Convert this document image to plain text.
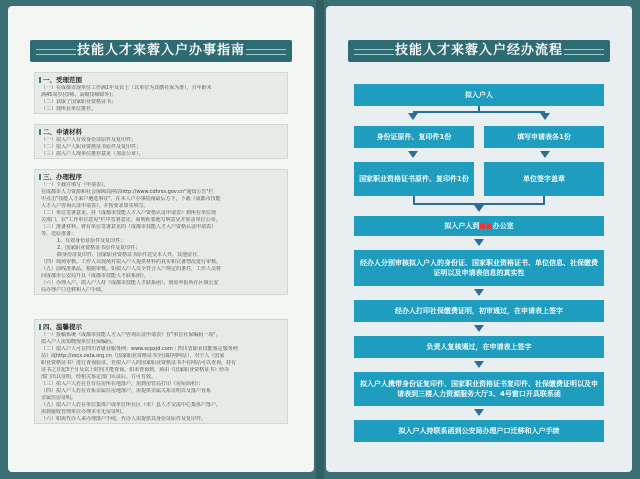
技能人才来蓉入户办事指南
一、受理范围
（一）在成都市现单位工作满1年及以上（以单位为其缴社保为准），且年龄未
满45周岁(技师、高级技师除外)；
（二）获取了国家职业资格证书；
（三）现所在单位推荐。
二、申请材料
（一）拟入户人有效身份证原件及复印件；
（二）拟入户人职业资格证书原件及复印件；
（三）拟入户人现单位推荐意见（加盖公章）。
三、办理程序
（一）下载并填写《申请表》。
在成都市人力资源和社会保障局网站http://www.cdhrss.gov.cn"通知公告"栏
中点击"技能人才来户遴选事宜"，在本人户办事指南最后方下，下载《成都市技能
人才入户咨询认证申请表》，并按要求如实填写。
（二）单位签署意见。持《成都市技能人才入户资格认证申请表》到所在单位现
关部门，在"工作单位意见"栏中签署意见，简明扼要地写明意见并加盖单位公章。
（三）准备材料。将有单位签署意见的《成都市技能人才入户资格认证申请表》
等，送原准备：
1、有效身份证原件及复印件；
2、国家职业资格证书原件及复印件；
除身份证复印件、国家职业资格证书原件送交本人外，其他留存。
（四）现场审核。工作人员现场对拟入户人提供材料的真实和完备情况进行审核。
（五）前线准条品。根据审核，如拟入户人员全符合入户规定的条件，工作人员将
向成都市公安局开具《成都市技能人才联系函》。
（六）办理入户。拟入户人持《成都市技能人才联系函》，到原申报所在区域公安
局办理户口迁移和入户手续。
四、温馨提示
（一）投稿系统《成都市技能人才入户咨询认证申请表》有"单位社保编码一项"，
拟入户人需知晓现单位社保编码。
（二）拟入户人可在四川省就业服务网：www.scpxjd.com｜四川省职业技能鉴定服务网
站）或http://zscx.osta.org.cn（国家职业资格证书全国联网网站），对个人《国家
职业资格证书》进行查询验证。若拟入户人的国家职业资格证书不在网站可以查询，持有
证书之日起3个月及以上时间才能查询。如未查询到，须由《国家职业资格证书》经办
部门出具证明，经相关鉴定部门认证后，方可有效。
（三）拟入户人若在自有住房所在地落户，需到房管局打印《房屋面积》；
（四）拟入户人若在直系亲属住房地落户，需提供亲属关系证明以及落户直系
亲属住房证明。
（五）拟入户人若在单位集体户或单位所在区（市）县人才交流中心集体户落户，
需到接收管理单位办理本市无房证明。
（六）如需代办人来办理落户手续，代办人需提供其身份证原件及复印件。
技能人才来蓉入户经办流程
拟入户人
身份证原件、复印件1份	填写申请表各1份
国家职业资格证书原件、复印件1份	单位签字盖章
拟入户人到 ■■ 办公室
经办人分别审核拟入户人的身份证、国家职业资格证书、单位信息、社保缴费证明以及申请表信息的真实性
经办人打印社保缴费证明，初审通过，在申请表上签字
负责人复核通过，在申请表上签字
拟入户人携带身份证复印件、国家职业资格证书复印件、社保缴费证明以及申请表到三楼人力资源服务大厅3、4号窗口开具联系函
拟入户人持联系函到公安局办理户口迁移和入户手续
